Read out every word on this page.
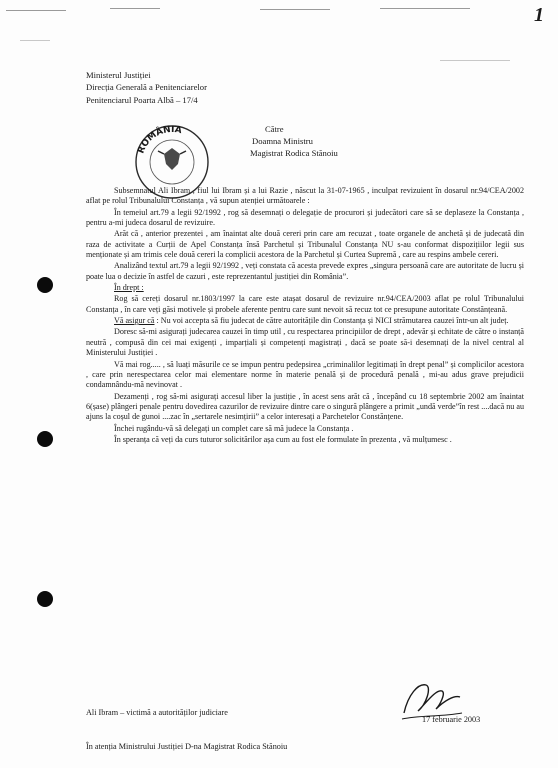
1
Ministerul Justiției
Direcția Generală a Penitenciarelor
Penitenciarul Poarta Albă – 17/4
Către
Doamna Ministru
Magistrat Rodica Stănoiu
ROMÂNIA

Subsemnatul Ali Ibram , fiul lui Ibram și a lui Razie , născut la 31-07-1965 , inculpat revizuient în dosarul nr.94/CEA/2002 aflat pe rolul Tribunalului Constanța , vă supun atenției următoarele :

În temeiul art.79 a legii 92/1992 , rog să desemnați o delegație de procurori și judecători care să se deplaseze la Constanța , pentru a-mi judeca dosarul de revizuire.

Arăt că , anterior prezentei , am înaintat alte două cereri prin care am recuzat , toate organele de anchetă și de judecată din raza de activitate a Curții de Apel Constanța însă Parchetul și Tribunalul Constanța NU s-au conformat dispozițiilor legii sus menționate și am trimis cele două cereri la complicii acestora de la Parchetul și Curtea Supremă , care au respins ambele cereri.

Analizând textul art.79 a legii 92/1992 , veți constata că acesta prevede expres „singura persoană care are autoritate de lucru și poate lua o decizie în astfel de cazuri , este reprezentantul justiției din România”.

În drept :

Rog să cereți dosarul nr.1803/1997 la care este atașat dosarul de revizuire nr.94/CEA/2003 aflat pe rolul Tribunalului Constanța , în care veți găsi motivele și probele aferente pentru care sunt nevoit să recuz tot ce presupune autoritate Constănțeană.

Vă asigur că : Nu voi accepta să fiu judecat de către autoritățile din Constanța și NICI strămutarea cauzei într-un alt județ.

Doresc să-mi asigurați judecarea cauzei în timp util , cu respectarea principiilor de drept , adevăr și echitate de către o instanță neutră , compusă din cei mai exigenți , imparțiali și competenți magistrați , dacă se poate să-i desemnați de la nivel central al Ministerului Justiției .

Vă mai rog..... , să luați măsurile ce se impun pentru pedepsirea „criminalilor legitimați în drept penal” și complicilor acestora , care prin nerespectarea celor mai elementare norme în materie penală și de procedură penală , mi-au adus grave prejudicii condamnându-mă nevinovat .

Dezamenți , rog să-mi asigurați accesul liber la justiție , în acest sens arăt că , începând cu 18 septembrie 2002 am înaintat 6(șase) plângeri penale pentru dovedirea cazurilor de revizuire dintre care o singură plângere a primit „undă verde”în rest ....dacă nu au ajuns la coșul de gunoi ....zac în „sertarele nesimțirii” a celor interesați a Parchetelor Constănțene.

Închei rugându-vă să delegați un complet care să mă judece la Constanța .

În speranța că veți da curs tuturor solicitărilor așa cum au fost ele formulate în prezenta , vă mulțumesc .

Ali Ibram – victimă a autorităților judiciare
17 februarie 2003
În atenția Ministrului Justiției D-na Magistrat Rodica Stănoiu
